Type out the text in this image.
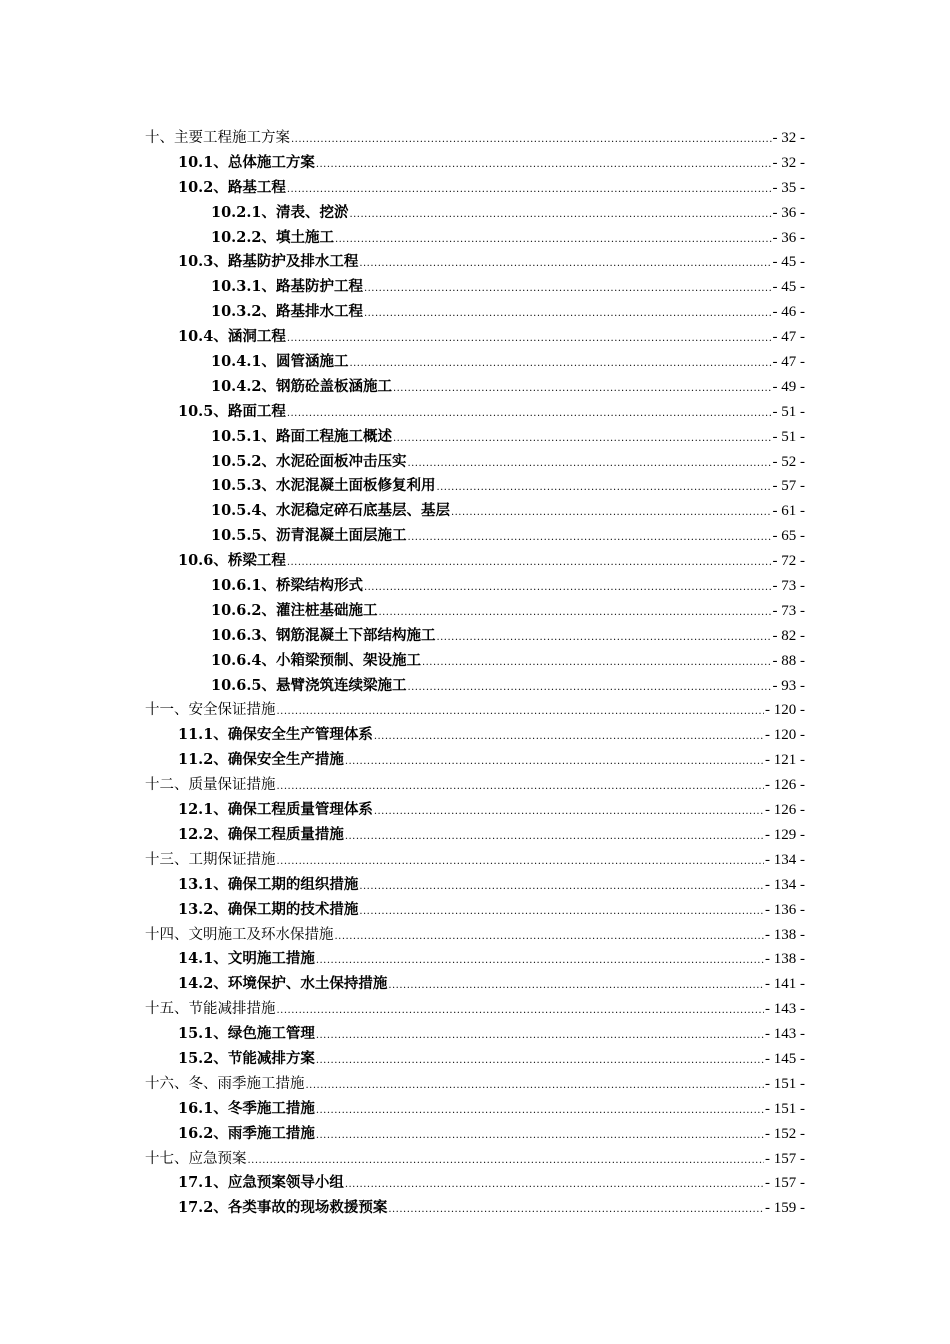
十、主要工程施工方案 .....	- 32 -
10.1、总体施工方案 .....	- 32 -
10.2、路基工程 .....	- 35 -
10.2.1、清表、挖淤 .....	- 36 -
10.2.2、填土施工 .....	- 36 -
10.3、路基防护及排水工程 .....	- 45 -
10.3.1、路基防护工程 .....	- 45 -
10.3.2、路基排水工程 .....	- 46 -
10.4、涵洞工程 .....	- 47 -
10.4.1、圆管涵施工 .....	- 47 -
10.4.2、钢筋砼盖板涵施工 .....	- 49 -
10.5、路面工程 .....	- 51 -
10.5.1、路面工程施工概述 .....	- 51 -
10.5.2、水泥砼面板冲击压实 .....	- 52 -
10.5.3、水泥混凝土面板修复利用 .....	- 57 -
10.5.4、水泥稳定碎石底基层、基层 .....	- 61 -
10.5.5、沥青混凝土面层施工 .....	- 65 -
10.6、桥梁工程 .....	- 72 -
10.6.1、桥梁结构形式 .....	- 73 -
10.6.2、灌注桩基础施工 .....	- 73 -
10.6.3、钢筋混凝土下部结构施工 .....	- 82 -
10.6.4、小箱梁预制、架设施工 .....	- 88 -
10.6.5、悬臂浇筑连续梁施工 .....	- 93 -
十一、安全保证措施 .....	- 120 -
11.1、确保安全生产管理体系 .....	- 120 -
11.2、确保安全生产措施 .....	- 121 -
十二、质量保证措施 .....	- 126 -
12.1、确保工程质量管理体系 .....	- 126 -
12.2、确保工程质量措施 .....	- 129 -
十三、工期保证措施 .....	- 134 -
13.1、确保工期的组织措施 .....	- 134 -
13.2、确保工期的技术措施 .....	- 136 -
十四、文明施工及环水保措施 .....	- 138 -
14.1、文明施工措施 .....	- 138 -
14.2、环境保护、水土保持措施 .....	- 141 -
十五、节能减排措施 .....	- 143 -
15.1、绿色施工管理 .....	- 143 -
15.2、节能减排方案 .....	- 145 -
十六、冬、雨季施工措施 .....	- 151 -
16.1、冬季施工措施 .....	- 151 -
16.2、雨季施工措施 .....	- 152 -
十七、应急预案 .....	- 157 -
17.1、应急预案领导小组 .....	- 157 -
17.2、各类事故的现场救援预案 .....	- 159 -
